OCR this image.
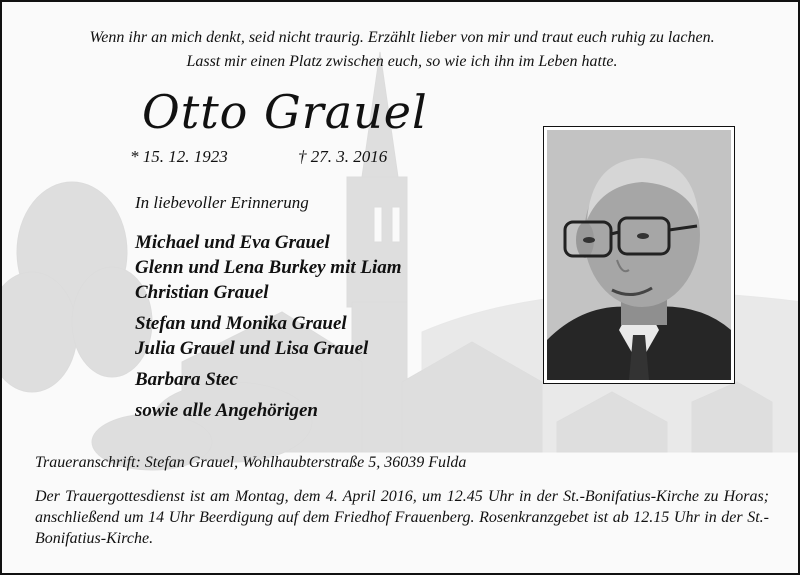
Wenn ihr an mich denkt, seid nicht traurig. Erzählt lieber von mir und traut euch ruhig zu lachen.
Lasst mir einen Platz zwischen euch, so wie ich ihn im Leben hatte.

Otto Grauel
* 15. 12. 1923	† 27. 3. 2016

In liebevoller Erinnerung

Michael und Eva Grauel
Glenn und Lena Burkey mit Liam
Christian Grauel
Stefan und Monika Grauel
Julia Grauel und Lisa Grauel
Barbara Stec
sowie alle Angehörigen

Traueranschrift: Stefan Grauel, Wohlhaubterstraße 5, 36039 Fulda

Der Trauergottesdienst ist am Montag, dem 4. April 2016, um 12.45 Uhr in der St.-Bonifatius-Kirche zu Horas; anschließend um 14 Uhr Beerdigung auf dem Friedhof Frauenberg. Rosenkranzgebet ist ab 12.15 Uhr in der St.-Bonifatius-Kirche.
